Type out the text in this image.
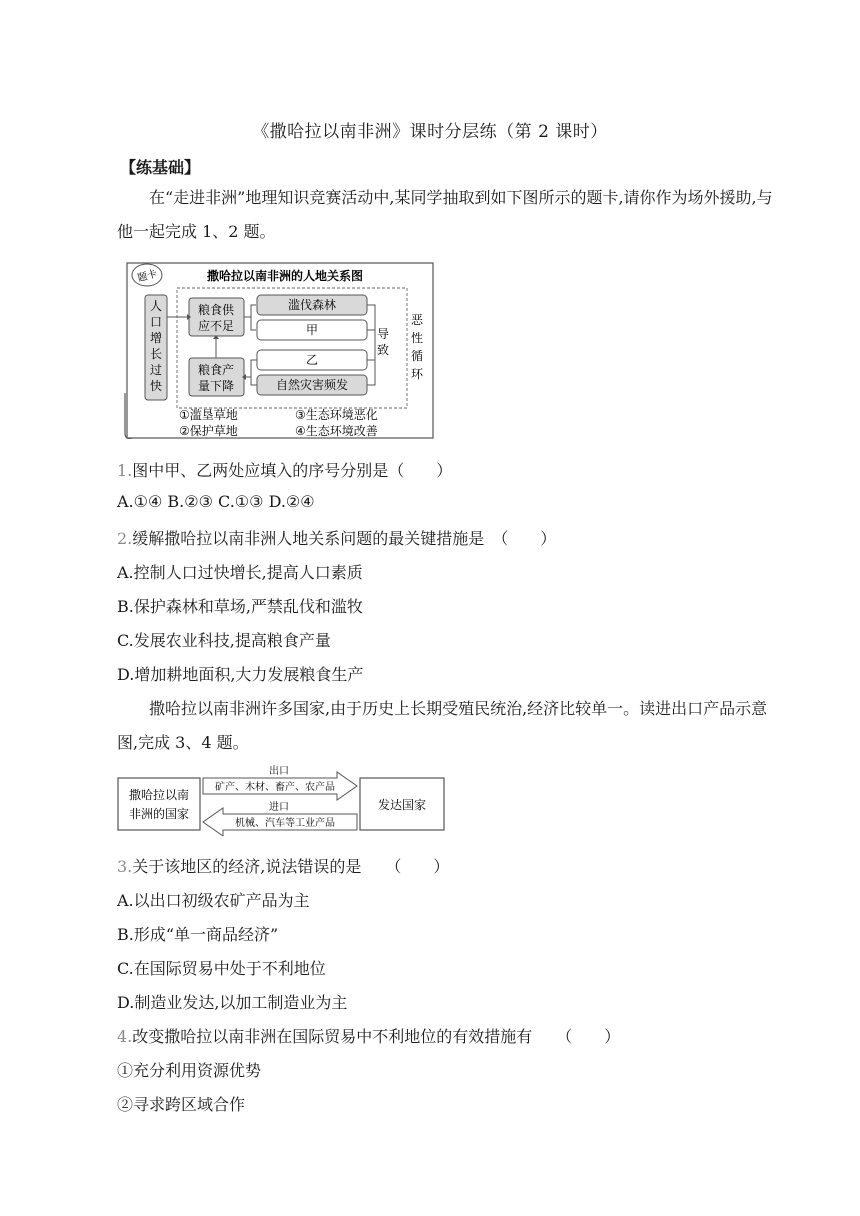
《撒哈拉以南非洲》课时分层练（第 2 课时）
【练基础】
在“走进非洲”地理知识竞赛活动中,某同学抽取到如下图所示的题卡,请你作为场外援助,与他一起完成 1、2 题。
题卡	撒哈拉以南非洲的人地关系图
人
口
增
长
过
快
粮食供
应不足
粮食产
量下降
滥伐森林
甲
乙
自然灾害频发
导
致
恶
性
循
环
①滥垦草地
②保护草地
③生态环境恶化
④生态环境改善
1.图中甲、乙两处应填入的序号分别是（　　）
A.①④ B.②③ C.①③ D.②④
2.缓解撒哈拉以南非洲人地关系问题的最关键措施是　（　　）
A.控制人口过快增长,提高人口素质
B.保护森林和草场,严禁乱伐和滥牧
C.发展农业科技,提高粮食产量
D.增加耕地面积,大力发展粮食生产
撒哈拉以南非洲许多国家,由于历史上长期受殖民统治,经济比较单一。读进出口产品示意图,完成 3、4 题。
撒哈拉以南
非洲的国家
发达国家
出口
矿产、木材、畜产、农产品
进口
机械、汽车等工业产品
3.关于该地区的经济,说法错误的是　　（　　）
A.以出口初级农矿产品为主
B.形成“单一商品经济”
C.在国际贸易中处于不利地位
D.制造业发达,以加工制造业为主
4.改变撒哈拉以南非洲在国际贸易中不利地位的有效措施有　　（　　）
①充分利用资源优势
②寻求跨区域合作
